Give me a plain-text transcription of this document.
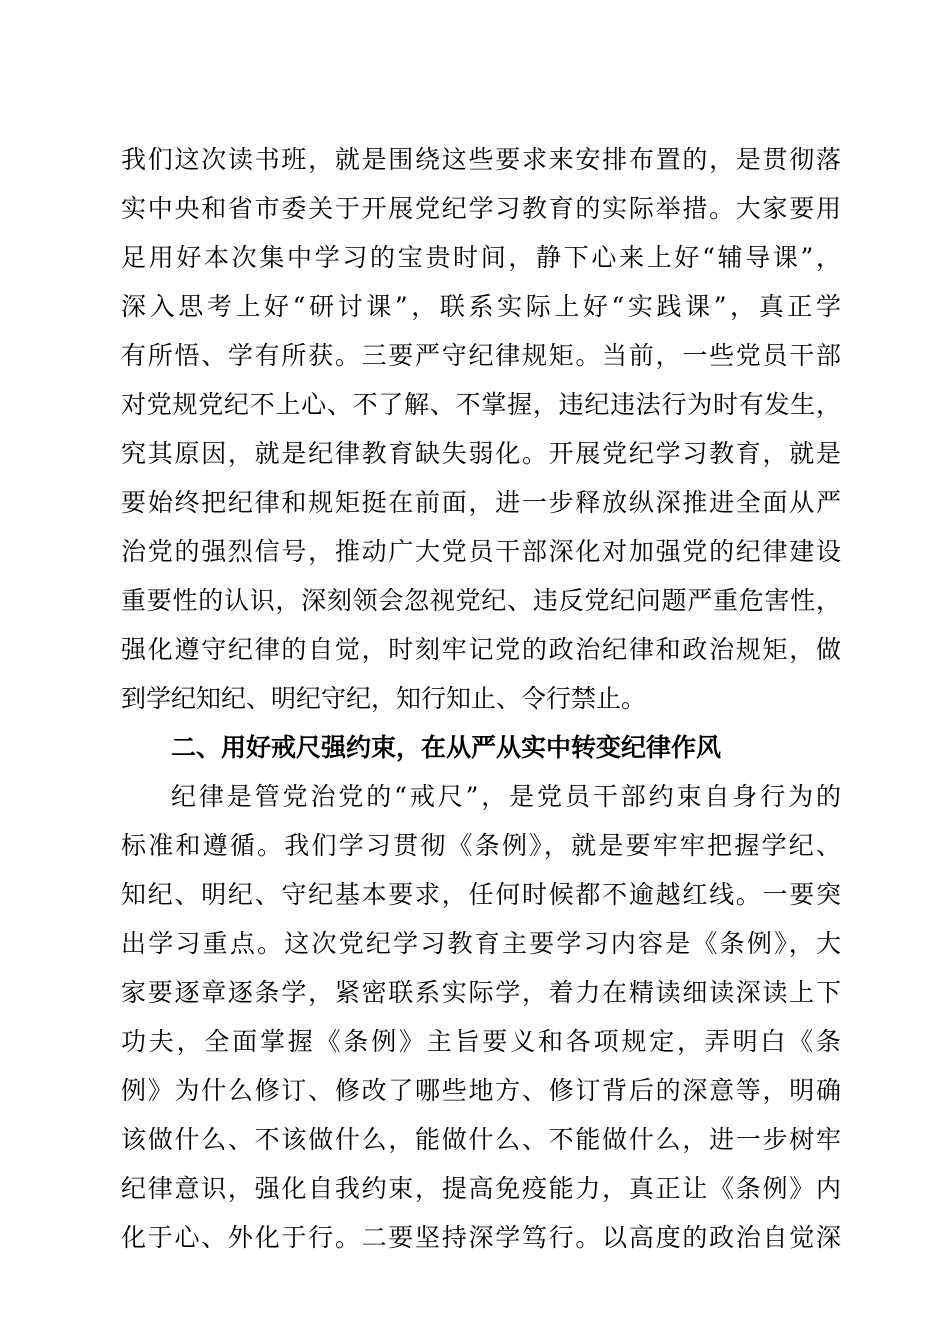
我们这次读书班，就是围绕这些要求来安排布置的，是贯彻落
实中央和省市委关于开展党纪学习教育的实际举措。大家要用
足用好本次集中学习的宝贵时间，静下心来上好“辅导课”，
深入思考上好“研讨课”，联系实际上好“实践课”，真正学
有所悟、学有所获。三要严守纪律规矩。当前，一些党员干部
对党规党纪不上心、不了解、不掌握，违纪违法行为时有发生，
究其原因，就是纪律教育缺失弱化。开展党纪学习教育，就是
要始终把纪律和规矩挺在前面，进一步释放纵深推进全面从严
治党的强烈信号，推动广大党员干部深化对加强党的纪律建设
重要性的认识，深刻领会忽视党纪、违反党纪问题严重危害性，
强化遵守纪律的自觉，时刻牢记党的政治纪律和政治规矩，做
到学纪知纪、明纪守纪，知行知止、令行禁止。
二、用好戒尺强约束，在从严从实中转变纪律作风
纪律是管党治党的“戒尺”，是党员干部约束自身行为的
标准和遵循。我们学习贯彻《条例》，就是要牢牢把握学纪、
知纪、明纪、守纪基本要求，任何时候都不逾越红线。一要突
出学习重点。这次党纪学习教育主要学习内容是《条例》，大
家要逐章逐条学，紧密联系实际学，着力在精读细读深读上下
功夫，全面掌握《条例》主旨要义和各项规定，弄明白《条
例》为什么修订、修改了哪些地方、修订背后的深意等，明确
该做什么、不该做什么，能做什么、不能做什么，进一步树牢
纪律意识，强化自我约束，提高免疫能力，真正让《条例》内
化于心、外化于行。二要坚持深学笃行。以高度的政治自觉深
